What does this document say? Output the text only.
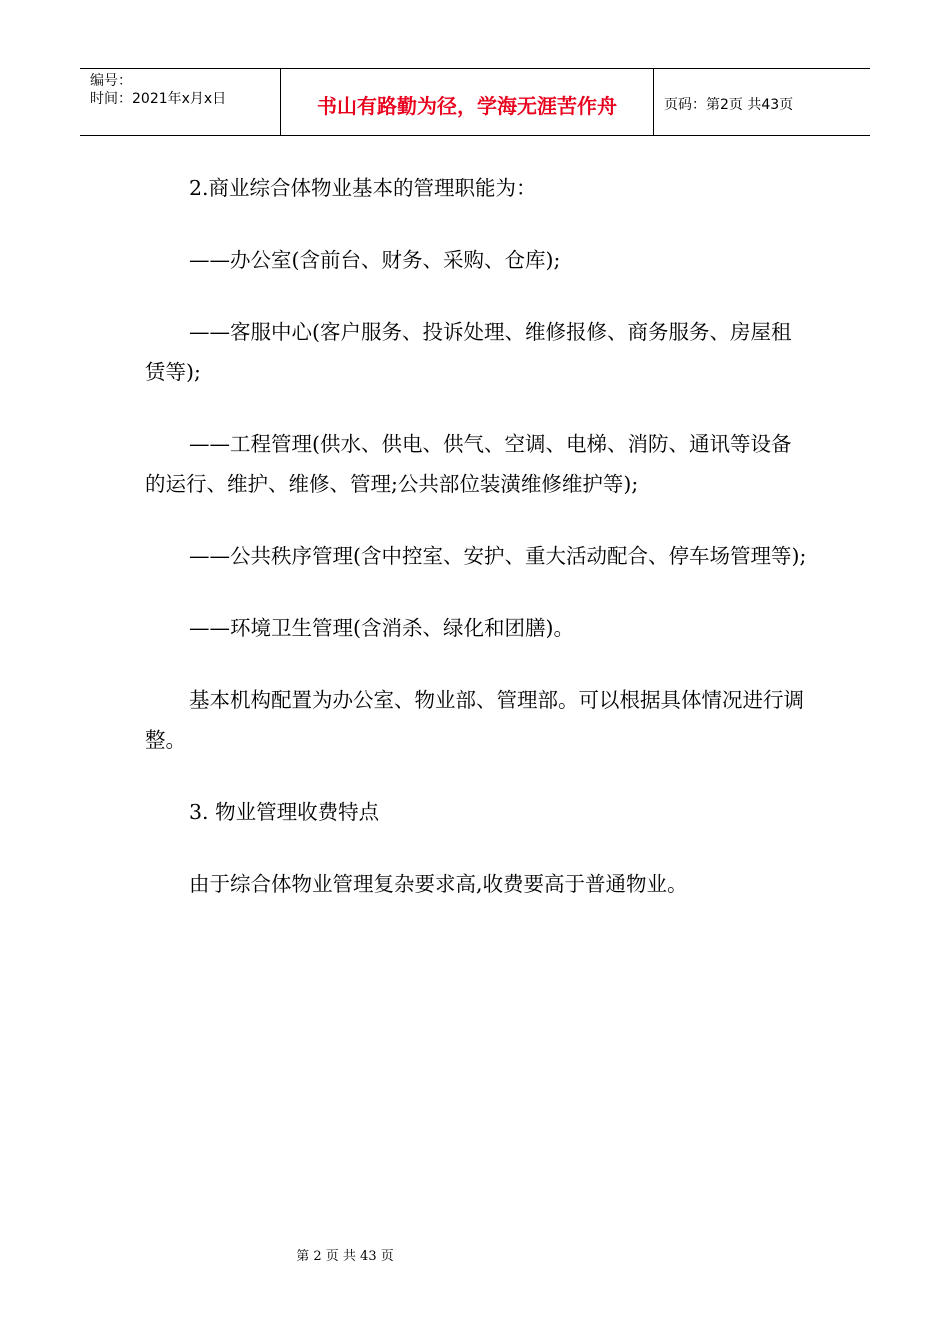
编号：
时间：2021年x月x日	书山有路勤为径，学海无涯苦作舟	页码：第2页 共43页

2.商业综合体物业基本的管理职能为：

——办公室(含前台、财务、采购、仓库);

——客服中心(客户服务、投诉处理、维修报修、商务服务、房屋租赁等);

——工程管理(供水、供电、供气、空调、电梯、消防、通讯等设备的运行、维护、维修、管理;公共部位装潢维修维护等);

——公共秩序管理(含中控室、安护、重大活动配合、停车场管理等);

——环境卫生管理(含消杀、绿化和团膳)。

基本机构配置为办公室、物业部、管理部。可以根据具体情况进行调整。

3. 物业管理收费特点

由于综合体物业管理复杂要求高,收费要高于普通物业。

第 2 页 共 43 页
